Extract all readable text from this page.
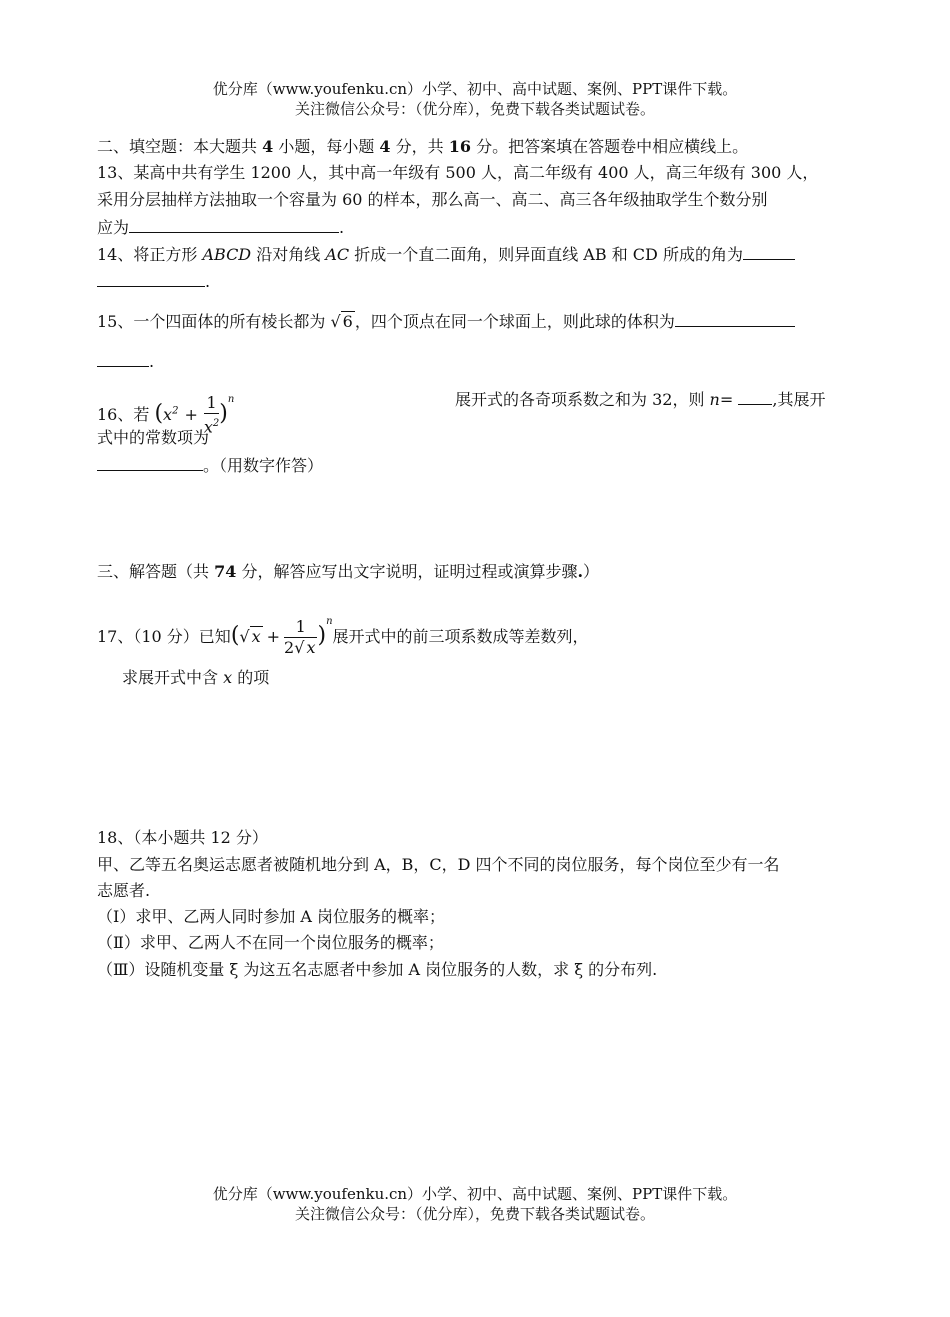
优分库（www.youfenku.cn）小学、初中、高中试题、案例、PPT课件下载。
关注微信公众号：（优分库），免费下载各类试题试卷。
二、填空题：本大题共 4 小题，每小题 4 分，共 16 分。把答案填在答题卷中相应横线上。
13、某高中共有学生 1200 人，其中高一年级有 500 人，高二年级有 400 人，高三年级有 300 人，
采用分层抽样方法抽取一个容量为 60 的样本，那么高一、高二、高三各年级抽取学生个数分别
应为	.
14、将正方形 ABCD 沿对角线 AC 折成一个直二面角，则异面直线 AB 和 CD 所成的角为
.
15、一个四面体的所有棱长都为 √ 6 ，四个顶点在同一个球面上，则此球的体积为
.
16、若 $(x^2 + \frac{1}{x^2} )^n$	展开式的各奇项系数之和为 32，则 n= ,其展开
式中的常数项为
。（用数字作答）
三、解答题（共 74 分，解答应写出文字说明，证明过程或演算步骤.）
17、（10 分）已知(√ $x + \frac{1}{2√ x} )^n$展开式中的前三项系数成等差数列，
求展开式中含 x 的项
18、（本小题共 12 分）
甲、乙等五名奥运志愿者被随机地分到 A，B，C，D 四个不同的岗位服务，每个岗位至少有一名
志愿者.
（Ⅰ）求甲、乙两人同时参加 A 岗位服务的概率；
（Ⅱ）求甲、乙两人不在同一个岗位服务的概率；
（Ⅲ）设随机变量 ξ 为这五名志愿者中参加 A 岗位服务的人数，求 ξ 的分布列.
优分库（www.youfenku.cn）小学、初中、高中试题、案例、PPT课件下载。
关注微信公众号：（优分库），免费下载各类试题试卷。
